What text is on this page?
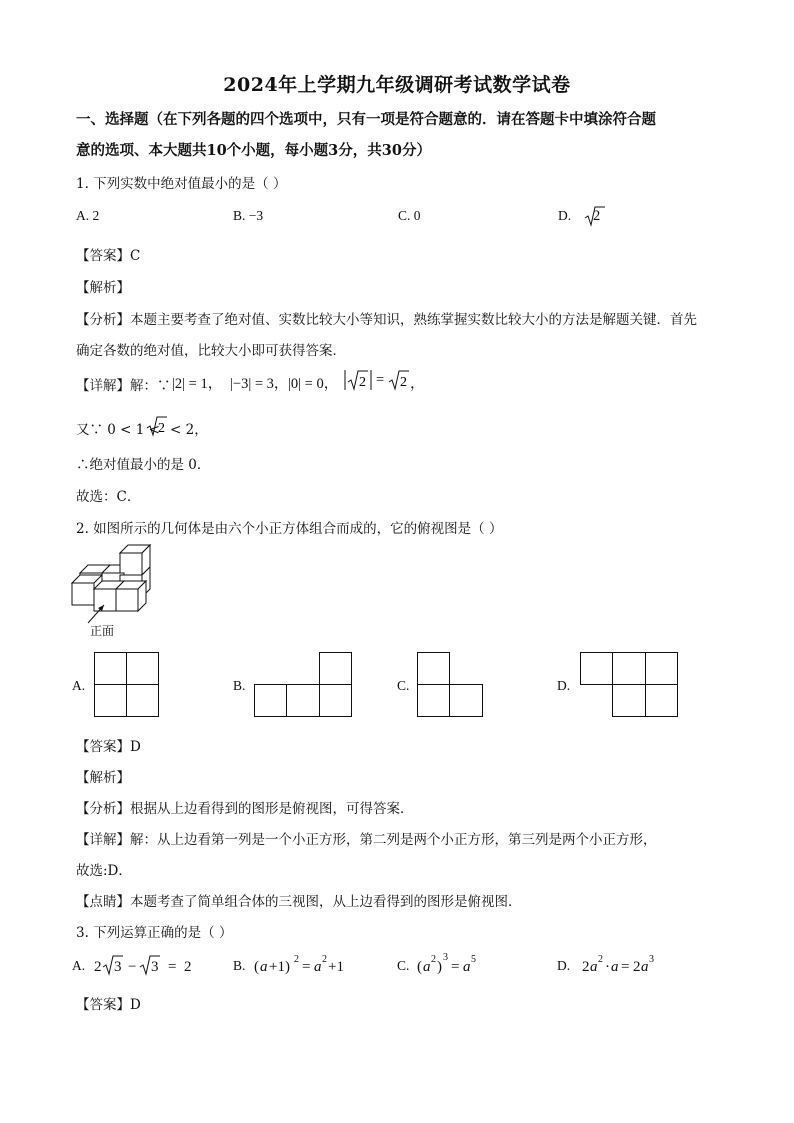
2024年上学期九年级调研考试数学试卷
一、选择题（在下列各题的四个选项中，只有一项是符合题意的．请在答题卡中填涂符合题
意的选项、本大题共10个小题，每小题3分，共30分）
1. 下列实数中绝对值最小的是（ ）
A. 2	B. −3	C. 0	D. 2
【答案】C
【解析】
【分析】本题主要考查了绝对值、实数比较大小等知识，熟练掌握实数比较大小的方法是解题关键．首先
确定各数的绝对值，比较大小即可获得答案．
【详解】解：∵ |2| = 1， |−3| = 3， |0| = 0， 2 = 2 ，
又∵ 0 < 1 <
2 < 2，
∴绝对值最小的是 0．
故选：C．
2. 如图所示的几何体是由六个小正方体组合而成的，它的俯视图是（ ）
正面
A.	B.	C.	D.
【答案】D
【解析】
【分析】根据从上边看得到的图形是俯视图，可得答案．
【详解】解：从上边看第一列是一个小正方形，第二列是两个小正方形，第三列是两个小正方形，
故选:D．
【点睛】本题考查了简单组合体的三视图，从上边看得到的图形是俯视图．
3. 下列运算正确的是（ ）
A. 2 3 − 3 = 2	B. ( a +1) 2 = a 2 +1	C. ( a 2 )
3
= a 5	D. 2 a 2 · a = 2 a 3
【答案】D
